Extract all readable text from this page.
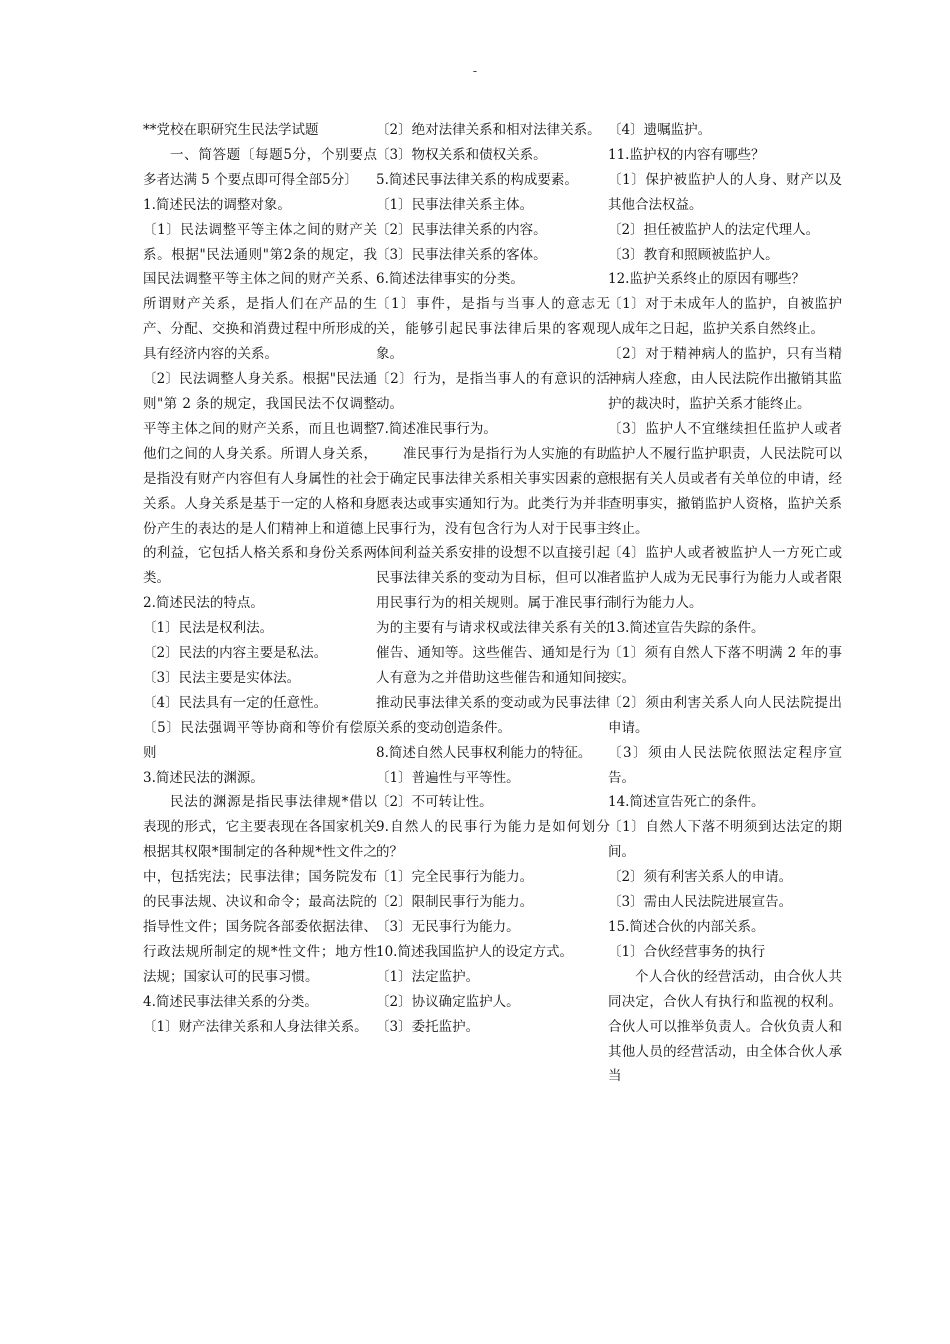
-

**党校在职研究生民法学试题

一、简答题〔每题5分，个别要点多者达满 5 个要点即可得全部5分〕

1.简述民法的调整对象。

〔1〕民法调整平等主体之间的财产关系。根据"民法通则"第2条的规定，我国民法调整平等主体之间的财产关系、所谓财产关系，是指人们在产品的生产、分配、交换和消费过程中所形成的具有经济内容的关系。

〔2〕民法调整人身关系。根据"民法通则"第 2 条的规定，我国民法不仅调整平等主体之间的财产关系，而且也调整他们之间的人身关系。所谓人身关系，是指没有财产内容但有人身属性的社会关系。人身关系是基于一定的人格和身份产生的表达的是人们精神上和道德上的利益，它包括人格关系和身份关系两类。

2.简述民法的特点。

〔1〕民法是权利法。

〔2〕民法的内容主要是私法。

〔3〕民法主要是实体法。

〔4〕民法具有一定的任意性。

〔5〕民法强调平等协商和等价有偿原则

3.简述民法的渊源。

民法的渊源是指民事法律规*借以表现的形式，它主要表现在各国家机关根据其权限*围制定的各种规*性文件之中，包括宪法；民事法律；国务院发布的民事法规、决议和命令；最高法院的指导性文件；国务院各部委依据法律、行政法规所制定的规*性文件；地方性法规；国家认可的民事习惯。

4.简述民事法律关系的分类。

〔1〕财产法律关系和人身法律关系。

〔2〕绝对法律关系和相对法律关系。

〔3〕物权关系和债权关系。

5.简述民事法律关系的构成要素。

〔1〕民事法律关系主体。

〔2〕民事法律关系的内容。

〔3〕民事法律关系的客体。

6.简述法律事实的分类。

〔1〕事件，是指与当事人的意志无关，能够引起民事法律后果的客观现象。

〔2〕行为，是指当事人的有意识的活动。

7.简述准民事行为。

准民事行为是指行为人实施的有助于确定民事法律关系相关事实因素的意愿表达或事实通知行为。此类行为并非民事行为，没有包含行为人对于民事主体间利益关系安排的设想不以直接引起民事法律关系的变动为目标，但可以准用民事行为的相关规则。属于准民事行为的主要有与请求权或法律关系有关的催告、通知等。这些催告、通知是行为人有意为之并借助这些催告和通知间接推动民事法律关系的变动或为民事法律关系的变动创造条件。

8.简述自然人民事权利能力的特征。

〔1〕普遍性与平等性。

〔2〕不可转让性。

9.自然人的民事行为能力是如何划分的？

〔1〕完全民事行为能力。

〔2〕限制民事行为能力。

〔3〕无民事行为能力。

10.简述我国监护人的设定方式。

〔1〕法定监护。

〔2〕协议确定监护人。

〔3〕委托监护。

〔4〕遗嘱监护。

11.监护权的内容有哪些？

〔1〕保护被监护人的人身、财产以及其他合法权益。

〔2〕担任被监护人的法定代理人。

〔3〕教育和照顾被监护人。

12.监护关系终止的原因有哪些？

〔1〕对于未成年人的监护，自被监护人成年之日起，监护关系自然终止。

〔2〕对于精神病人的监护，只有当精神病人痊愈，由人民法院作出撤销其监护的裁决时，监护关系才能终止。

〔3〕监护人不宜继续担任监护人或者监护人不履行监护职责，人民法院可以根据有关人员或者有关单位的申请，经查明事实，撤销监护人资格，监护关系终止。

〔4〕监护人或者被监护人一方死亡或者监护人成为无民事行为能力人或者限制行为能力人。

13.简述宣告失踪的条件。

〔1〕须有自然人下落不明满 2 年的事实。

〔2〕须由利害关系人向人民法院提出申请。

〔3〕须由人民法院依照法定程序宣告。

14.简述宣告死亡的条件。

〔1〕自然人下落不明须到达法定的期间。

〔2〕须有利害关系人的申请。

〔3〕需由人民法院进展宣告。

15.简述合伙的内部关系。

〔1〕合伙经营事务的执行

个人合伙的经营活动，由合伙人共同决定，合伙人有执行和监视的权利。合伙人可以推举负责人。合伙负责人和其他人员的经营活动，由全体合伙人承当
